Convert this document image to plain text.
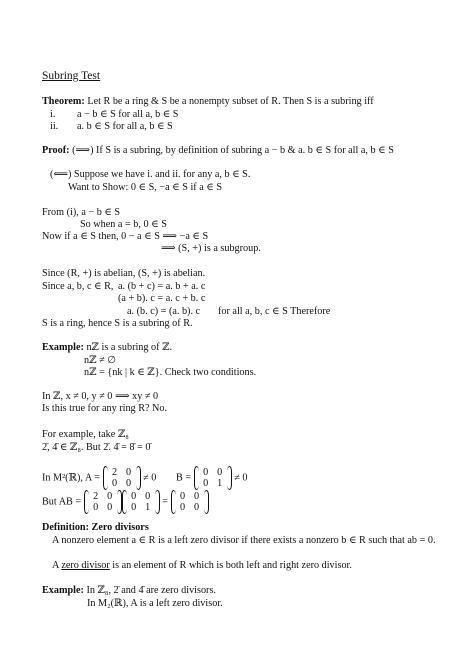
Subring Test
Theorem: Let R be a ring & S be a nonempty subset of R. Then S is a subring iff
i. a − b ∈ S for all a, b ∈ S
ii. a. b ∈ S for all a, b ∈ S
Proof: (⟹) If S is a subring, by definition of subring a − b & a. b ∈ S for all a, b ∈ S
(⟸) Suppose we have i. and ii. for any a, b ∈ S.
Want to Show: 0 ∈ S, −a ∈ S if a ∈ S
From (i), a − b ∈ S
So when a = b, 0 ∈ S
Now if a ∈ S then, 0 − a ∈ S ⟹ −a ∈ S
⟹ (S, +) is a subgroup.
Since (R, +) is abelian, (S, +) is abelian.
Since a, b, c ∈ R, a. (b + c) = a. b + a. c
(a + b). c = a. c + b. c
a. (b. c) = (a. b). c for all a, b, c ∈ S Therefore
S is a ring, hence S is a subring of R.
Example: nℤ is a subring of ℤ.
nℤ ≠ ∅
nℤ = {nk | k ∈ ℤ}. Check two conditions.
In ℤ, x ≠ 0, y ≠ 0 ⟹ xy ≠ 0
Is this true for any ring R? No.
For example, take ℤ₈
2̄, 4̄ ∈ ℤ₈. But 2̄. 4̄ = 8̄ = 0̄
In M²(ℝ), A =	2 0
0 0
≠ 0 B =	0 0
0 1
≠ 0
But AB =	2 0
0 0
0 0
0 1
=	0 0
0 0
Definition: Zero divisors
A nonzero element a ∈ R is a left zero divisor if there exists a nonzero b ∈ R such that ab = 0.
A zero divisor is an element of R which is both left and right zero divisor.
Example: In ℤ₈, 2̄ and 4̄ are zero divisors.
In M₂(ℝ), A is a left zero divisor.
